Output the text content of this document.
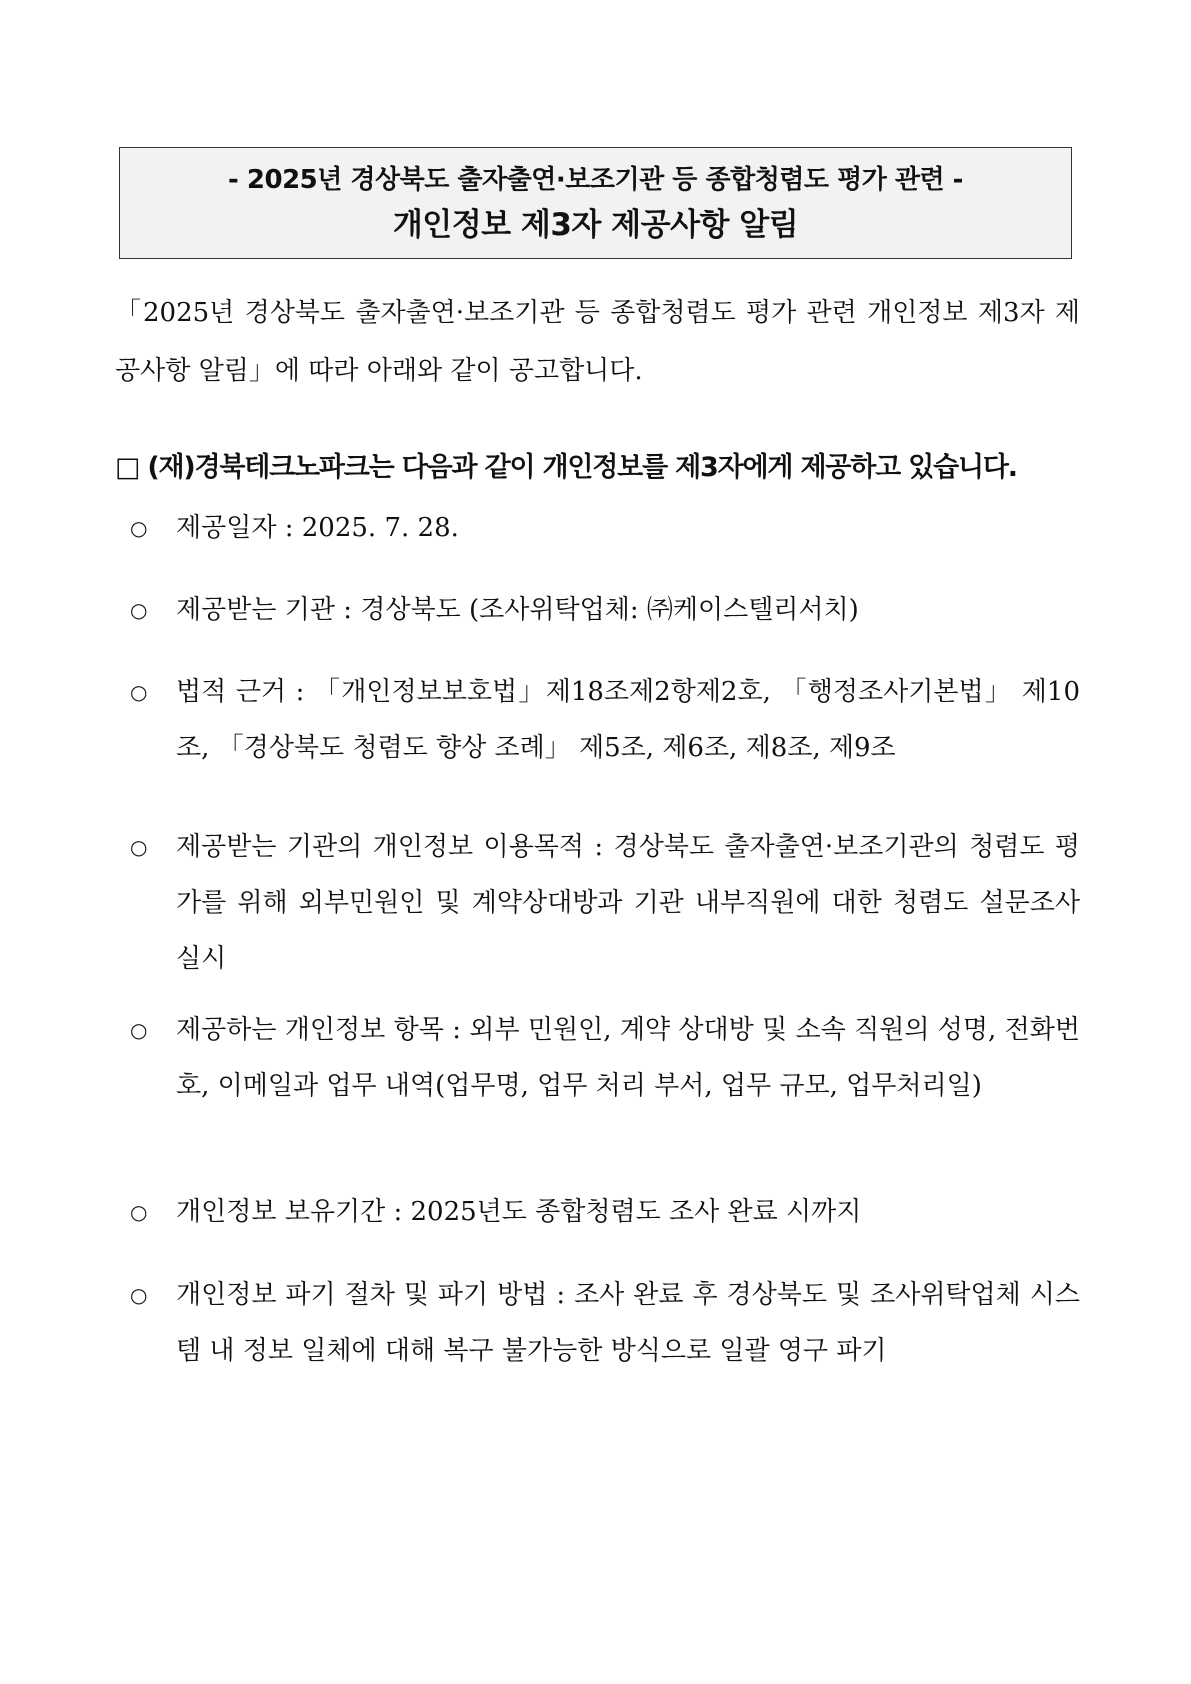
- 2025년 경상북도 출자출연·보조기관 등 종합청렴도 평가 관련 -
개인정보 제3자 제공사항 알림
「2025년 경상북도 출자출연·보조기관 등 종합청렴도 평가 관련 개인정보 제3자 제공사항 알림」에 따라 아래와 같이 공고합니다.
□ (재)경북테크노파크는 다음과 같이 개인정보를 제3자에게 제공하고 있습니다.
○	제공일자 : 2025. 7. 28.
○	제공받는 기관 : 경상북도 (조사위탁업체: ㈜케이스텔리서치)
○	법적 근거 : 「개인정보보호법」제18조제2항제2호, 「행정조사기본법」 제10조, 「경상북도 청렴도 향상 조례」 제5조, 제6조, 제8조, 제9조
○	제공받는 기관의 개인정보 이용목적 : 경상북도 출자출연·보조기관의 청렴도 평가를 위해 외부민원인 및 계약상대방과 기관 내부직원에 대한 청렴도 설문조사 실시
○	제공하는 개인정보 항목 : 외부 민원인, 계약 상대방 및 소속 직원의 성명, 전화번호, 이메일과 업무 내역(업무명, 업무 처리 부서, 업무 규모, 업무처리일)
○	개인정보 보유기간 : 2025년도 종합청렴도 조사 완료 시까지
○	개인정보 파기 절차 및 파기 방법 : 조사 완료 후 경상북도 및 조사위탁업체 시스템 내 정보 일체에 대해 복구 불가능한 방식으로 일괄 영구 파기
